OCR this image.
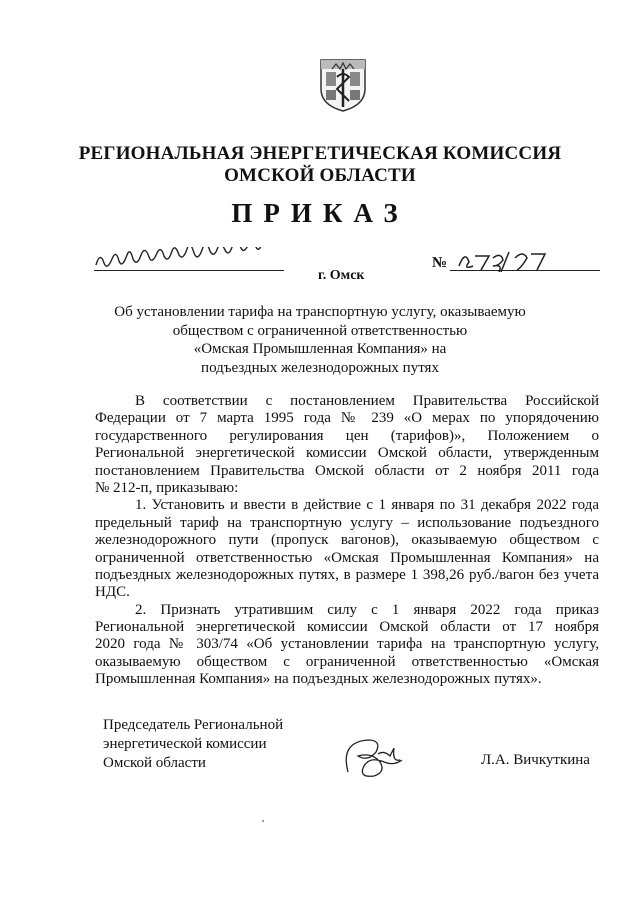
РЕГИОНАЛЬНАЯ ЭНЕРГЕТИЧЕСКАЯ КОМИССИЯ
ОМСКОЙ ОБЛАСТИ
ПРИКАЗ
г. Омск
№
Об установлении тарифа на транспортную услугу, оказываемую
обществом с ограниченной ответственностью
«Омская Промышленная Компания» на
подъездных железнодорожных путях
В соответствии с постановлением Правительства Российской
Федерации от 7 марта 1995 года № 239 «О мерах по упорядочению
государственного регулирования цен (тарифов)», Положением о
Региональной энергетической комиссии Омской области, утвержденным
постановлением Правительства Омской области от 2 ноября 2011 года
№ 212-п, приказываю:
1. Установить и ввести в действие с 1 января по 31 декабря 2022 года
предельный тариф на транспортную услугу – использование подъездного
железнодорожного пути (пропуск вагонов), оказываемую обществом с
ограниченной ответственностью «Омская Промышленная Компания» на
подъездных железнодорожных путях, в размере 1 398,26 руб./вагон без учета
НДС.
2. Признать утратившим силу с 1 января 2022 года приказ
Региональной энергетической комиссии Омской области от 17 ноября
2020 года № 303/74 «Об установлении тарифа на транспортную услугу,
оказываемую обществом с ограниченной ответственностью «Омская
Промышленная Компания» на подъездных железнодорожных путях».
Председатель Региональной
энергетической комиссии
Омской области	Л.А. Вичкуткина
